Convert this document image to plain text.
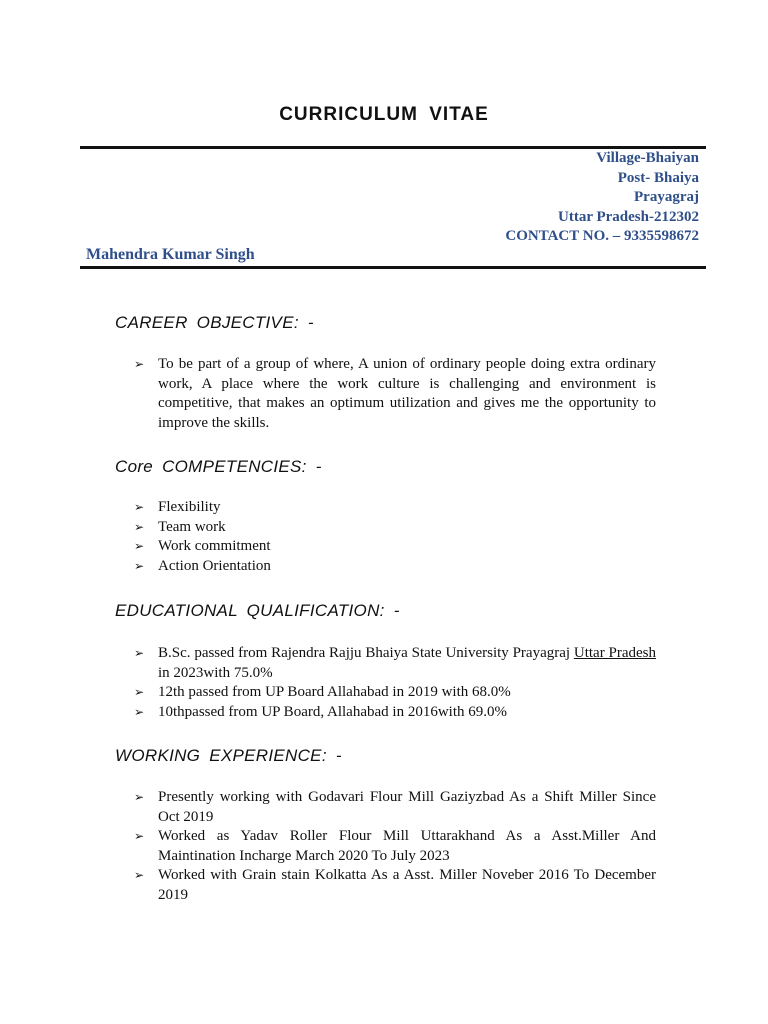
CURRICULUM VITAE
Village-Bhaiyan
Post- Bhaiya
Prayagraj
Uttar Pradesh-212302
CONTACT NO. – 9335598672
Mahendra Kumar Singh
CAREER OBJECTIVE: -
➢ To be part of a group of where, A union of ordinary people doing extra ordinary work, A place where the work culture is challenging and environment is competitive, that makes an optimum utilization and gives me the opportunity to improve the skills.
Core COMPETENCIES: -
➢ Flexibility
➢ Team work
➢ Work commitment
➢ Action Orientation
EDUCATIONAL QUALIFICATION: -
➢ B.Sc. passed from Rajendra Rajju Bhaiya State University Prayagraj Uttar Pradesh in 2023with 75.0%
➢ 12th passed from UP Board Allahabad in 2019 with 68.0%
➢ 10thpassed from UP Board, Allahabad in 2016with 69.0%
WORKING EXPERIENCE: -
➢ Presently working with Godavari Flour Mill Gaziyzbad As a Shift Miller Since Oct 2019
➢ Worked as Yadav Roller Flour Mill Uttarakhand As a Asst.Miller And Maintination Incharge March 2020 To July 2023
➢ Worked with Grain stain Kolkatta As a Asst. Miller Noveber 2016 To December 2019
